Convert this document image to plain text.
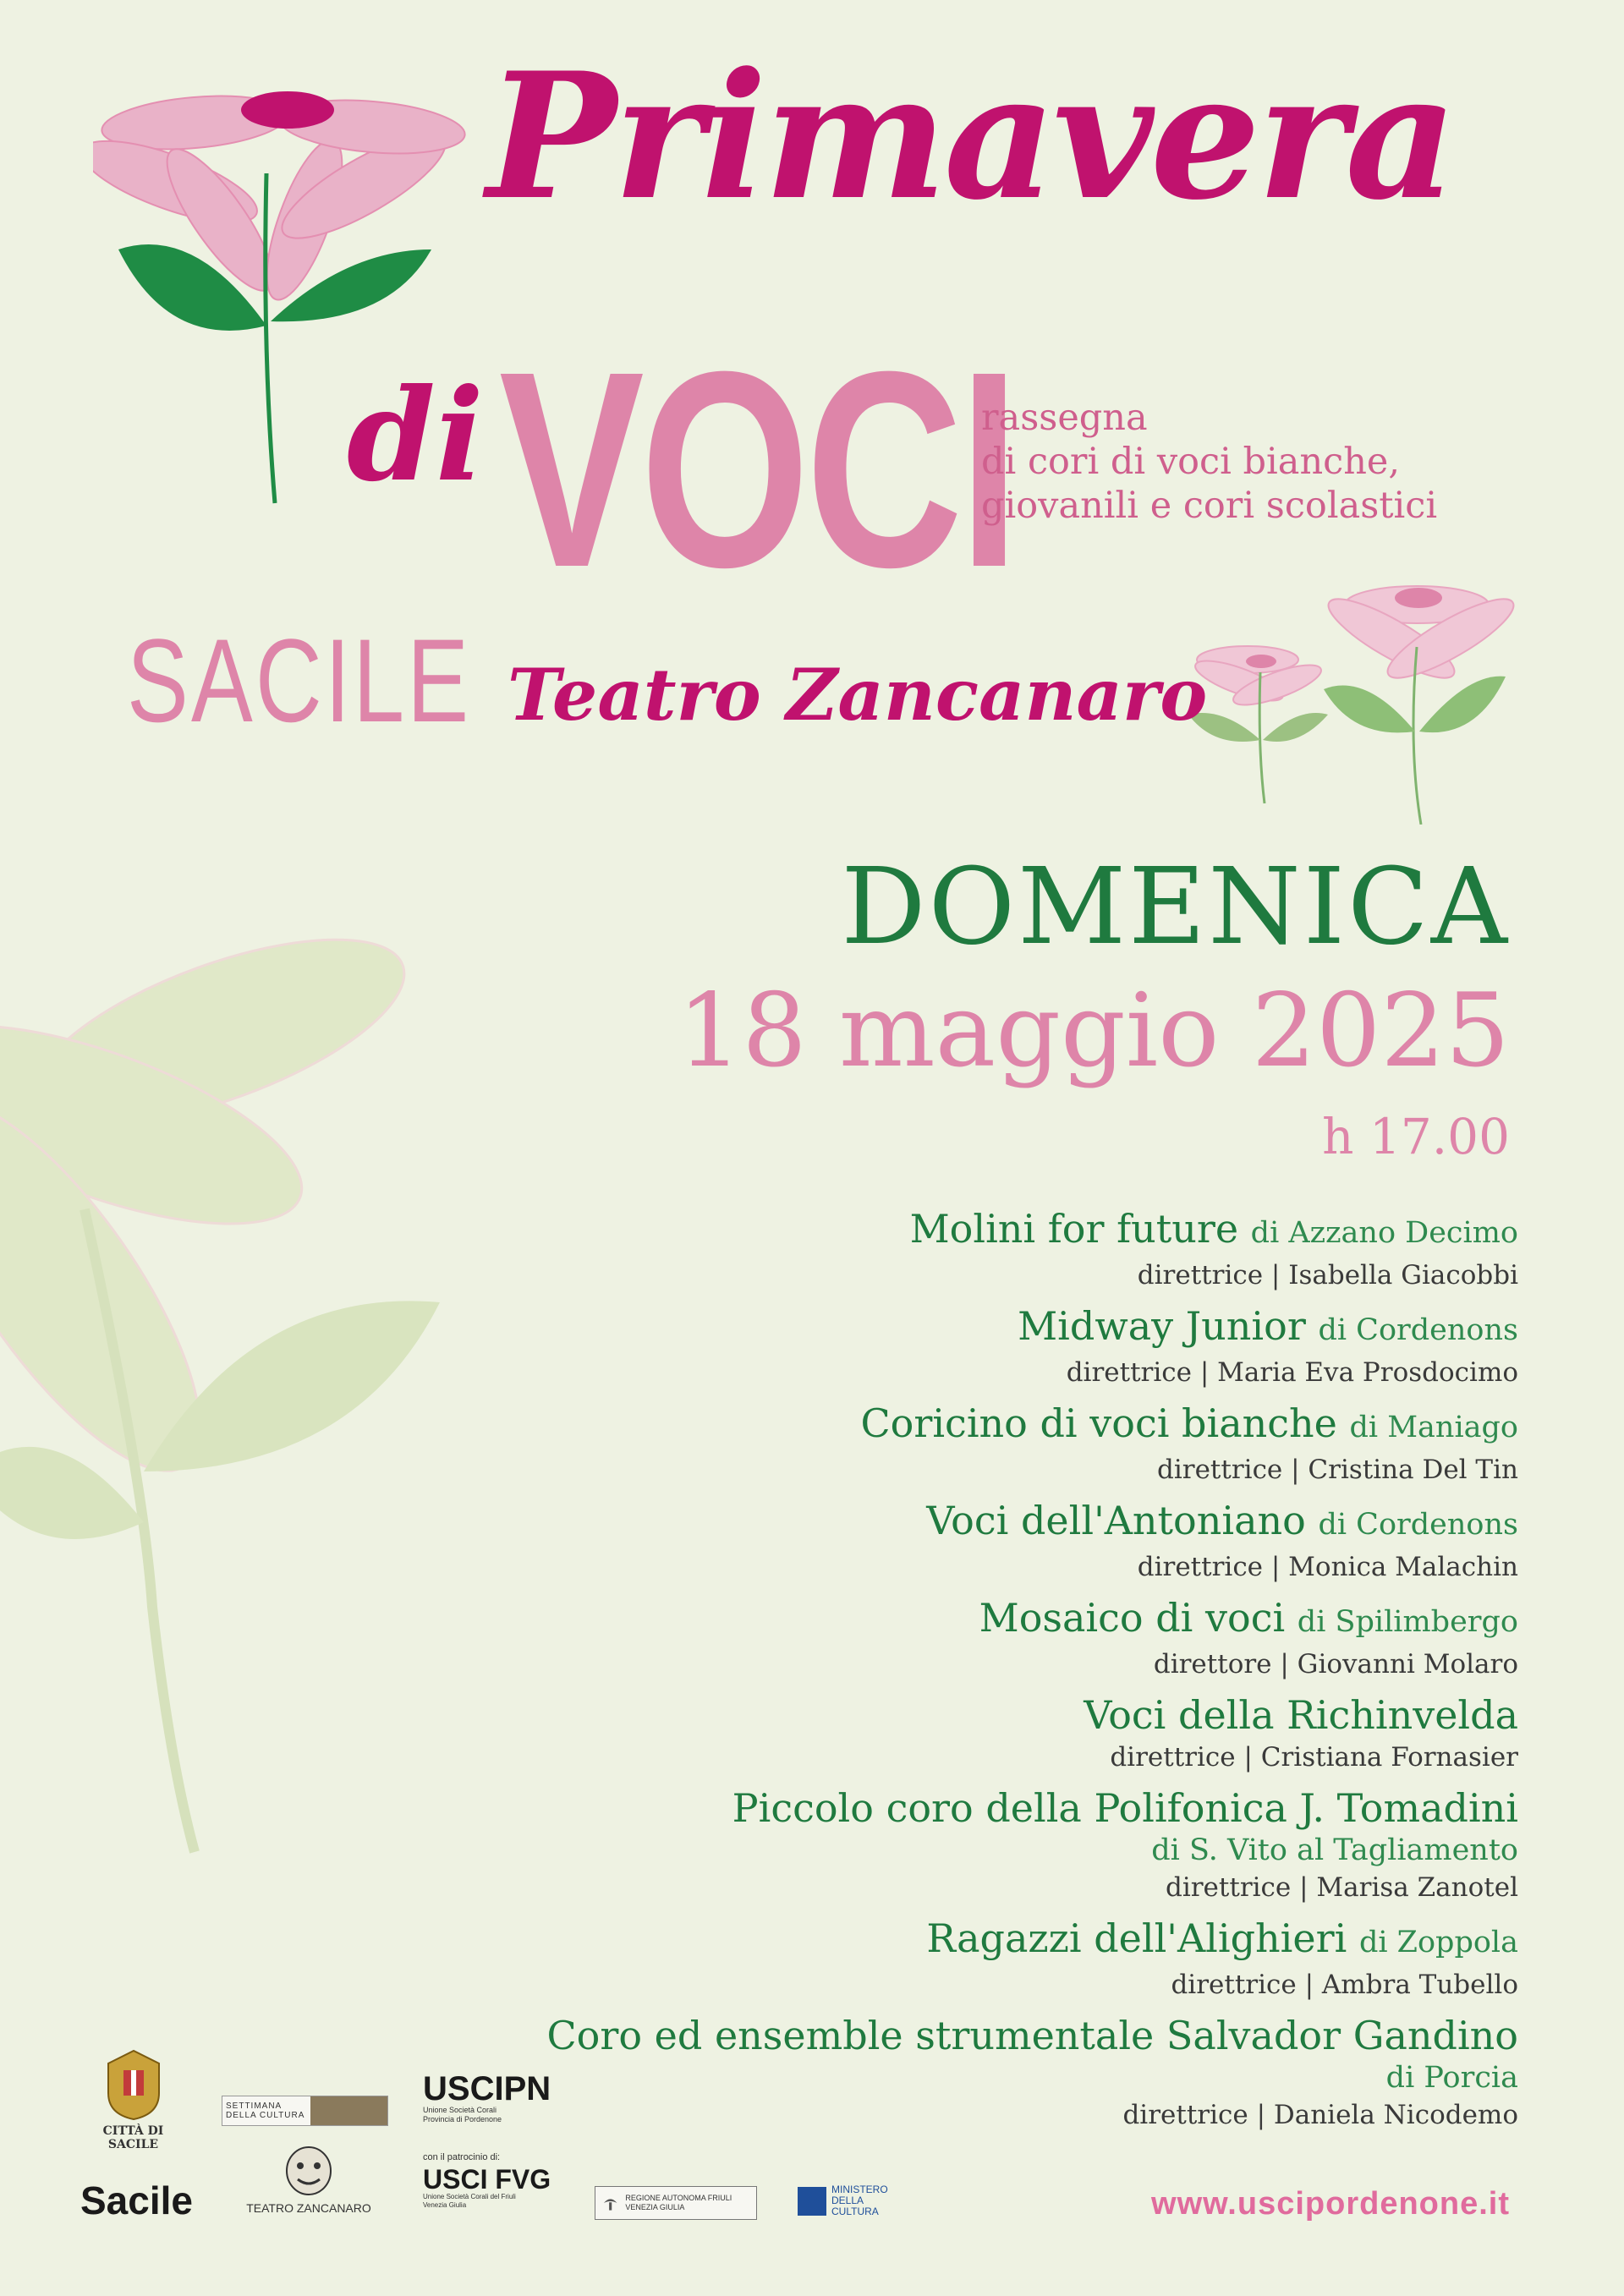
Primavera
di VOCI
rassegna
di cori di voci bianche,
giovanili e cori scolastici
SACILE Teatro Zancanaro
DOMENICA
18 maggio 2025
h 17.00
Molini for future di Azzano Decimo
direttrice | Isabella Giacobbi
Midway Junior di Cordenons
direttrice | Maria Eva Prosdocimo
Coricino di voci bianche di Maniago
direttrice | Cristina Del Tin
Voci dell'Antoniano di Cordenons
direttrice | Monica Malachin
Mosaico di voci di Spilimbergo
direttore | Giovanni Molaro
Voci della Richinvelda
direttrice | Cristiana Fornasier
Piccolo coro della Polifonica J. Tomadini
di S. Vito al Tagliamento
direttrice | Marisa Zanotel
Ragazzi dell'Alighieri di Zoppola
direttrice | Ambra Tubello
Coro ed ensemble strumentale Salvador Gandino
di Porcia
direttrice | Daniela Nicodemo
CITTÀ DI SACILE
SETTIMANA DELLA CULTURA
USCIPN
Unione Società Corali Provincia di Pordenone
Sacile	TEATRO ZANCANARO
con il patrocinio di:
USCI FVG
Unione Società Corali del Friuli Venezia Giulia
REGIONE AUTONOMA FRIULI VENEZIA GIULIA
MINISTERO DELLA CULTURA	www.uscipordenone.it
